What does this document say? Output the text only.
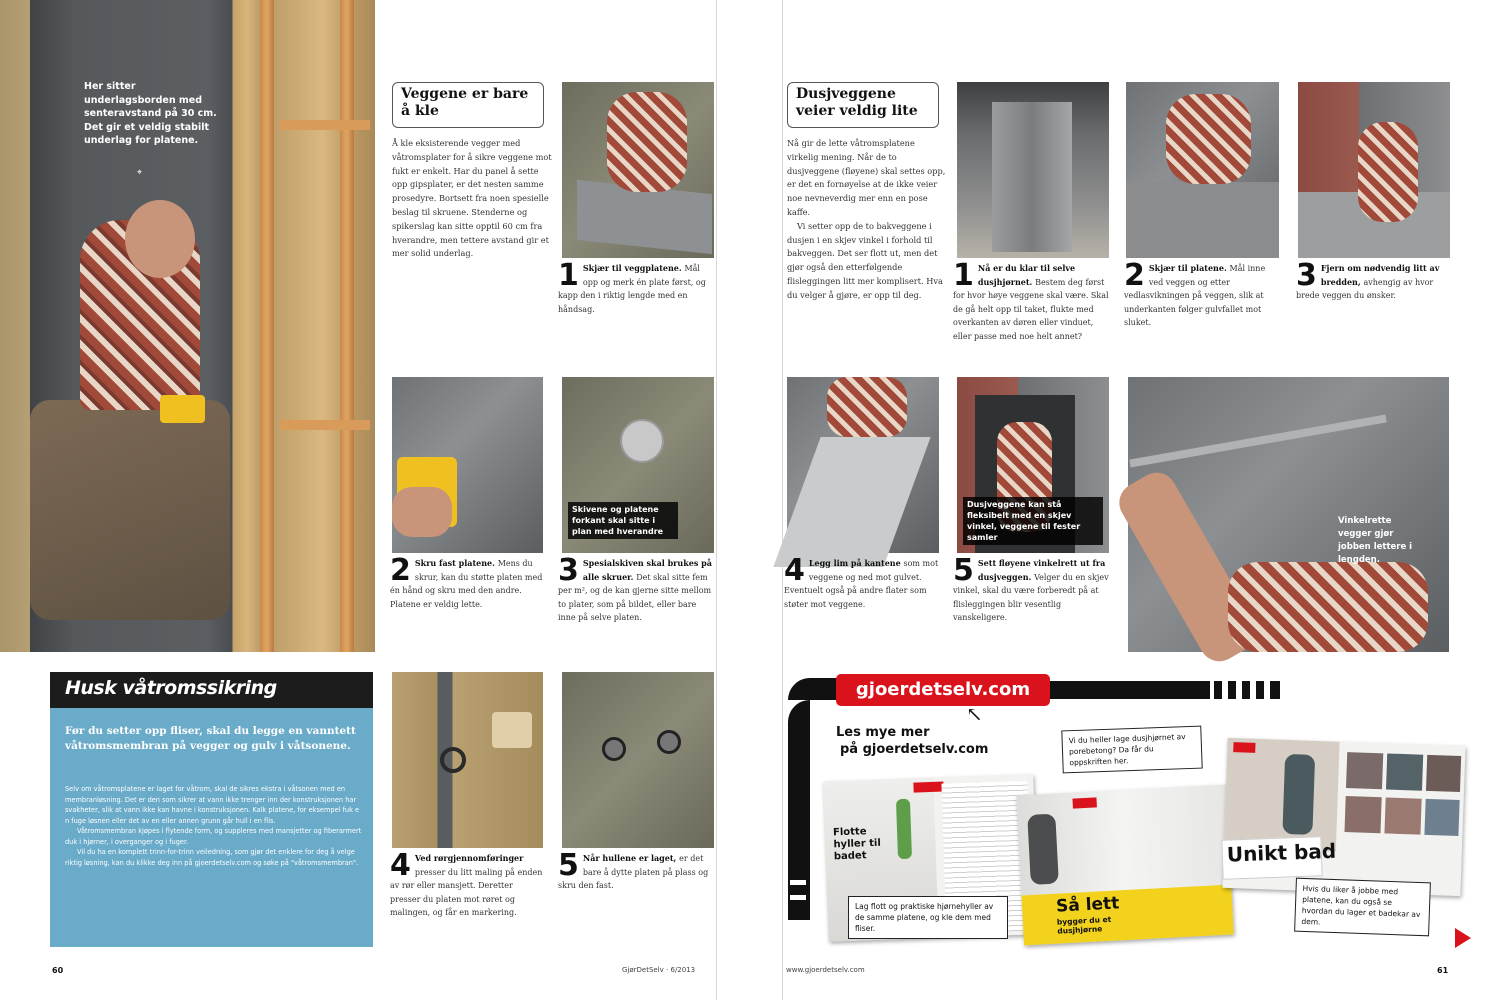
Her sitter underlagsborden med senteravstand på 30 cm. Det gir et veldig stabilt underlag for platene.
⌖
Veggene er bare å kle
Å kle eksisterende vegger med våtromsplater for å sikre veggene mot fukt er enkelt. Har du panel å sette opp gipsplater, er det nesten samme prosedyre. Bortsett fra noen spesielle beslag til skruene. Stenderne og spikerslag kan sitte opptil 60 cm fra hverandre, men tettere avstand gir et mer solid underlag.
1 Skjær til veggplatene. Mål opp og merk én plate først, og kapp den i riktig lengde med en håndsag.
2 Skru fast platene. Mens du skrur, kan du støtte platen med én hånd og skru med den andre. Platene er veldig lette.
Skivene og platene forkant skal sitte i plan med hverandre
3 Spesialskiven skal brukes på alle skruer. Det skal sitte fem per m², og de kan gjerne sitte mellom to plater, som på bildet, eller bare inne på selve platen.
Husk våtromssikring
Før du setter opp fliser, skal du legge en vanntett våtromsmembran på vegger og gulv i våtsonene.

Selv om våtromsplatene er laget for våtrom, skal de sikres ekstra i våtsonen med en membranløsning. Det er den som sikrer at vann ikke trenger inn der konstruksjonen har svakheter, slik at vann ikke kan havne i konstruksjonen. Kalk platene, for eksempel fuk e n fuge løsnen eller det av en eller annen grunn går hull i en flis.

Våtromsmembran kjøpes i flytende form, og suppleres med mansjetter og fiberarmert duk i hjørner, i overganger og i fuger.

Vil du ha en komplett trinn-for-trinn veiledning, som gjør det enklere for deg å velge riktig løsning, kan du klikke deg inn på gjoerdetselv.com og søke på "våtromsmembran". 4 Ved rørgjennomføringer presser du litt maling på enden av rør eller mansjett. Deretter presser du platen mot røret og malingen, og får en markering.
5 Når hullene er laget, er det bare å dytte platen på plass og skru den fast.
60	GjørDetSelv · 6/2013
Dusjveggene veier veldig lite

Nå gir de lette våtromsplatene virkelig mening. Når de to dusjveggene (fløyene) skal settes opp, er det en fornøyelse at de ikke veier noe nevneverdig mer enn en pose kaffe.

Vi setter opp de to bakveggene i dusjen i en skjev vinkel i forhold til bakveggen. Det ser flott ut, men det gjør også den etterfølgende flisleggingen litt mer komplisert. Hva du velger å gjøre, er opp til deg.

1 Nå er du klar til selve dusjhjørnet. Bestem deg først for hvor høye veggene skal være. Skal de gå helt opp til taket, flukte med overkanten av døren eller vinduet, eller passe med noe helt annet?
2 Skjær til platene. Mål inne ved veggen og etter vedlasvikningen på veggen, slik at underkanten følger gulvfallet mot sluket.
3 Fjern om nødvendig litt av bredden, avhengig av hvor brede veggen du ønsker.
4 Legg lim på kantene som mot veggene og ned mot gulvet. Eventuelt også på andre flater som støter mot veggene.
Dusjveggene kan stå fleksibelt med en skjev vinkel, veggene til fester samler
5 Sett fløyene vinkelrett ut fra dusjveggen. Velger du en skjev vinkel, skal du være forberedt på at flisleggingen blir vesentlig vanskeligere.
Vinkelrette vegger gjør jobben lettere i lengden.
gjoerdetselv.com
↖
Les mye mer
på gjoerdetselv.com
Flotte hyller til badet
Lag flott og praktiske hjørnehyller av de samme platene, og kle dem med fliser.
Så lett
bygger du et dusjhjørne
Vi du heller lage dusjhjørnet av porebetong? Da får du oppskriften her.
Unikt bad
Hvis du liker å jobbe med platene, kan du også se hvordan du lager et badekar av dem.
www.gjoerdetselv.com	61
